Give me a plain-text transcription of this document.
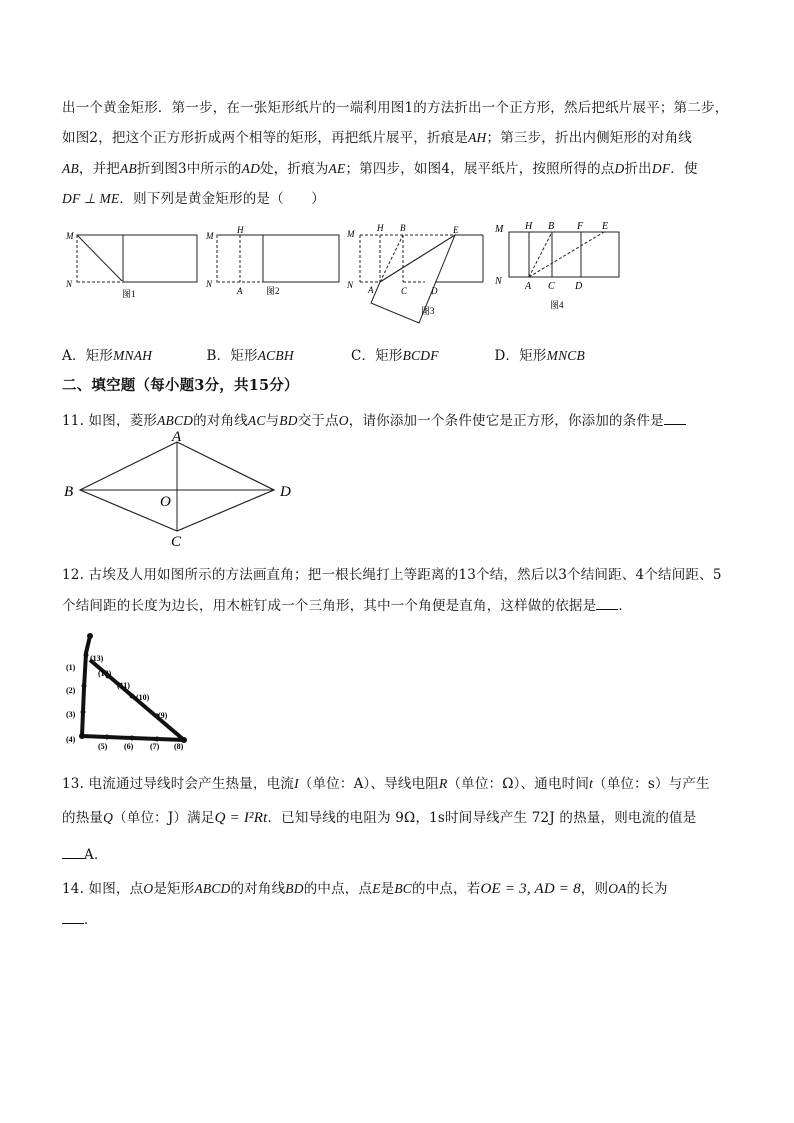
出一个黄金矩形．第一步，在一张矩形纸片的一端利用图1的方法折出一个正方形，然后把纸片展平；第二步，
如图2，把这个正方形折成两个相等的矩形，再把纸片展平，折痕是AH；第三步，折出内侧矩形的对角线
AB，并把AB折到图3中所示的AD处，折痕为AE；第四步，如图4，展平纸片，按照所得的点D折出DF．使
DF ⊥ ME．则下列是黄金矩形的是（　　）
M
N
图1
M
H
N
A	图2
M
H B	E
N A	C	D
图3
M H B F E
N A C D
图4
A．矩形MNAH	B．矩形ACBH	C．矩形BCDF	D．矩形MNCB
二、填空题（每小题3分，共15分）
11. 如图，菱形ABCD的对角线AC与BD交于点O，请你添加一个条件使它是正方形，你添加的条件是
A
B	D
C
O
12. 古埃及人用如图所示的方法画直角；把一根长绳打上等距离的13个结，然后以3个结间距、4个结间距、5
个结间距的长度为边长，用木桩钉成一个三角形，其中一个角便是直角，这样做的依据是 ．
(1)
(2)
(3)
(4)
(5) (6) (7) (8)
(9)
(10)
(11)
(12)
(13)
13. 电流通过导线时会产生热量，电流I（单位：A）、导线电阻R（单位：Ω）、通电时间t（单位：s）与产生
的热量Q（单位：J）满足Q = I²Rt．已知导线的电阻为 9Ω，1s时间导线产生 72J 的热量，则电流的值是
A．
14. 如图，点O是矩形ABCD的对角线BD的中点，点E是BC的中点，若OE = 3, AD = 8，则OA的长为
．
